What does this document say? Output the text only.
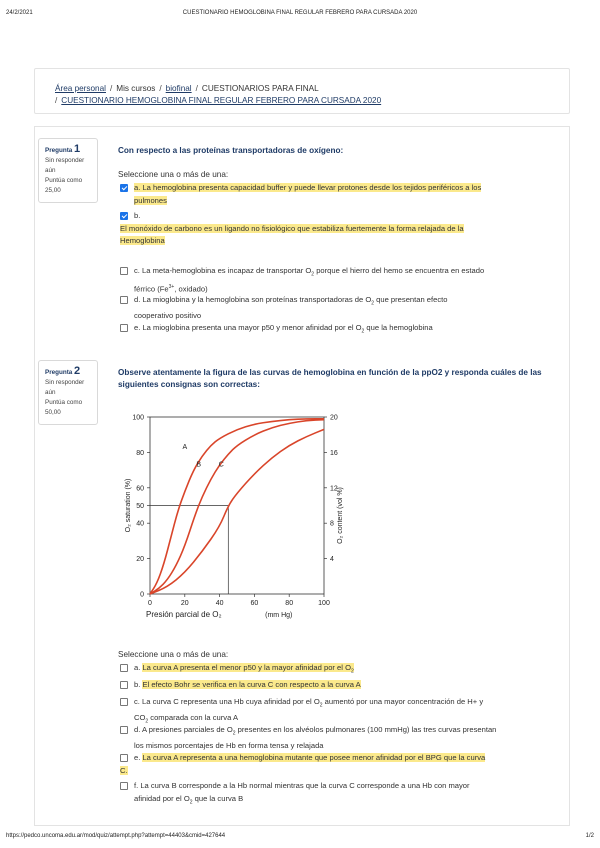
24/2/2021	CUESTIONARIO HEMOGLOBINA FINAL REGULAR FEBRERO PARA CURSADA 2020
Área personal / Mis cursos / biofinal / CUESTIONARIOS PARA FINAL
/ CUESTIONARIO HEMOGLOBINA FINAL REGULAR FEBRERO PARA CURSADA 2020
Pregunta 1
Sin responder
aún
Puntúa como
25,00
Con respecto a las proteínas transportadoras de oxígeno:
Seleccione una o más de una:
a. La hemoglobina presenta capacidad buffer y puede llevar protones desde los tejidos periféricos a los
pulmones
b.
El monóxido de carbono es un ligando no fisiológico que estabiliza fuertemente la forma relajada de la
Hemoglobina
c. La meta-hemoglobina es incapaz de transportar $O_2$ porque el hierro del hemo se encuentra en estado
férrico ($Fe^{3+}$, oxidado)
d. La mioglobina y la hemoglobina son proteínas transportadoras de $O_2$ que presentan efecto
cooperativo positivo
e. La mioglobina presenta una mayor p50 y menor afinidad por el $O_2$ que la hemoglobina
Pregunta 2
Sin responder
aún
Puntúa como
50,00
Observe atentamente la figura de las curvas de hemoglobina en función de la ppO2 y responda cuáles de las
siguientes consignas son correctas:
0	20	40	60	80	100
0
20
40
50
60
80
100
4
8
12
16
20
A
B	C
O₂ saturation (%)	O₂ content (vol %)
Presión parcial de O₂	(mm Hg)
Seleccione una o más de una:
a. La curva A presenta el menor p50 y la mayor afinidad por el $O_2$
b. El efecto Bohr se verifica en la curva C con respecto a la curva A
c. La curva C representa una Hb cuya afinidad por el $O_2$ aumentó por una mayor concentración de H+ y
$CO_2$ comparada con la curva A
d. A presiones parciales de $O_2$ presentes en los alvéolos pulmonares (100 mmHg) las tres curvas presentan
los mismos porcentajes de Hb en forma tensa y relajada
e. La curva A representa a una hemoglobina mutante que posee menor afinidad por el BPG que la curva
C.
f. La curva B corresponde a la Hb normal mientras que la curva C corresponde a una Hb con mayor
afinidad por el $O_2$ que la curva B
https://pedco.uncoma.edu.ar/mod/quiz/attempt.php?attempt=44403&cmid=427644	1/2
